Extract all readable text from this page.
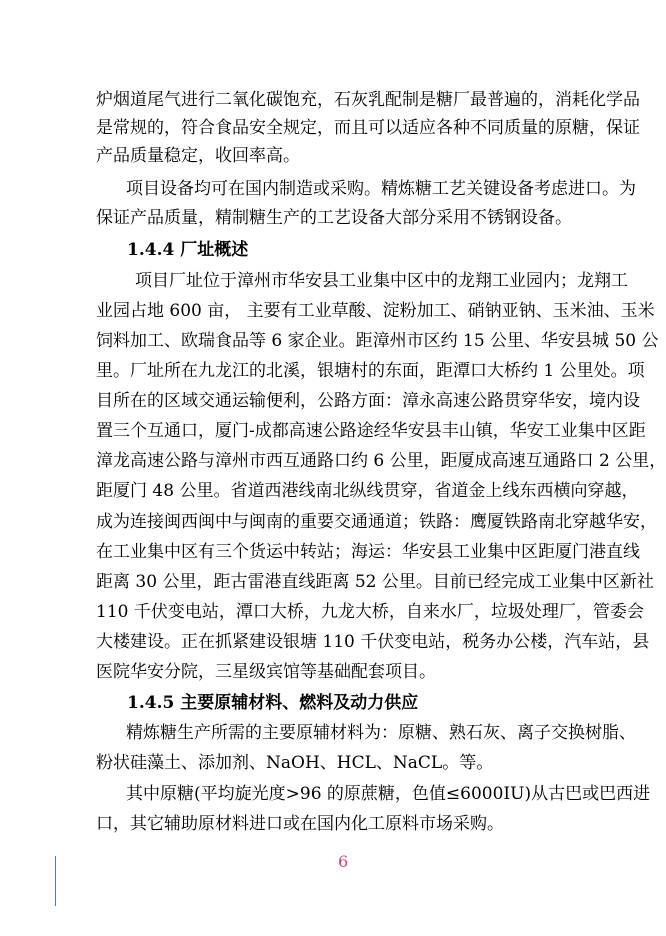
炉烟道尾气进行二氧化碳饱充，石灰乳配制是糖厂最普遍的，消耗化学品
是常规的，符合食品安全规定，而且可以适应各种不同质量的原糖，保证
产品质量稳定，收回率高。
项目设备均可在国内制造或采购。精炼糖工艺关键设备考虑进口。为
保证产品质量，精制糖生产的工艺设备大部分采用不锈钢设备。
1.4.4 厂址概述
项目厂址位于漳州市华安县工业集中区中的龙翔工业园内；龙翔工
业园占地 600 亩， 主要有工业草酸、淀粉加工、硝钠亚钠、玉米油、玉米
饲料加工、欧瑞食品等 6 家企业。距漳州市区约 15 公里、华安县城 50 公
里。厂址所在九龙江的北溪，银塘村的东面，距潭口大桥约 1 公里处。项
目所在的区域交通运输便利，公路方面：漳永高速公路贯穿华安，境内设
置三个互通口，厦门-成都高速公路途经华安县丰山镇，华安工业集中区距
漳龙高速公路与漳州市西互通路口约 6 公里，距厦成高速互通路口 2 公里，
距厦门 48 公里。省道西港线南北纵线贯穿，省道金上线东西横向穿越，
成为连接闽西闽中与闽南的重要交通通道；铁路：鹰厦铁路南北穿越华安，
在工业集中区有三个货运中转站；海运：华安县工业集中区距厦门港直线
距离 30 公里，距古雷港直线距离 52 公里。目前已经完成工业集中区新社
110 千伏变电站，潭口大桥，九龙大桥，自来水厂，垃圾处理厂，管委会
大楼建设。正在抓紧建设银塘 110 千伏变电站，税务办公楼，汽车站，县
医院华安分院，三星级宾馆等基础配套项目。
1.4.5 主要原辅材料、燃料及动力供应
精炼糖生产所需的主要原辅材料为：原糖、熟石灰、离子交换树脂、
粉状硅藻土、添加剂、NaOH、HCL、NaCL。等。
其中原糖(平均旋光度>96 的原蔗糖，色值≤6000IU)从古巴或巴西进
口，其它辅助原材料进口或在国内化工原料市场采购。
6
